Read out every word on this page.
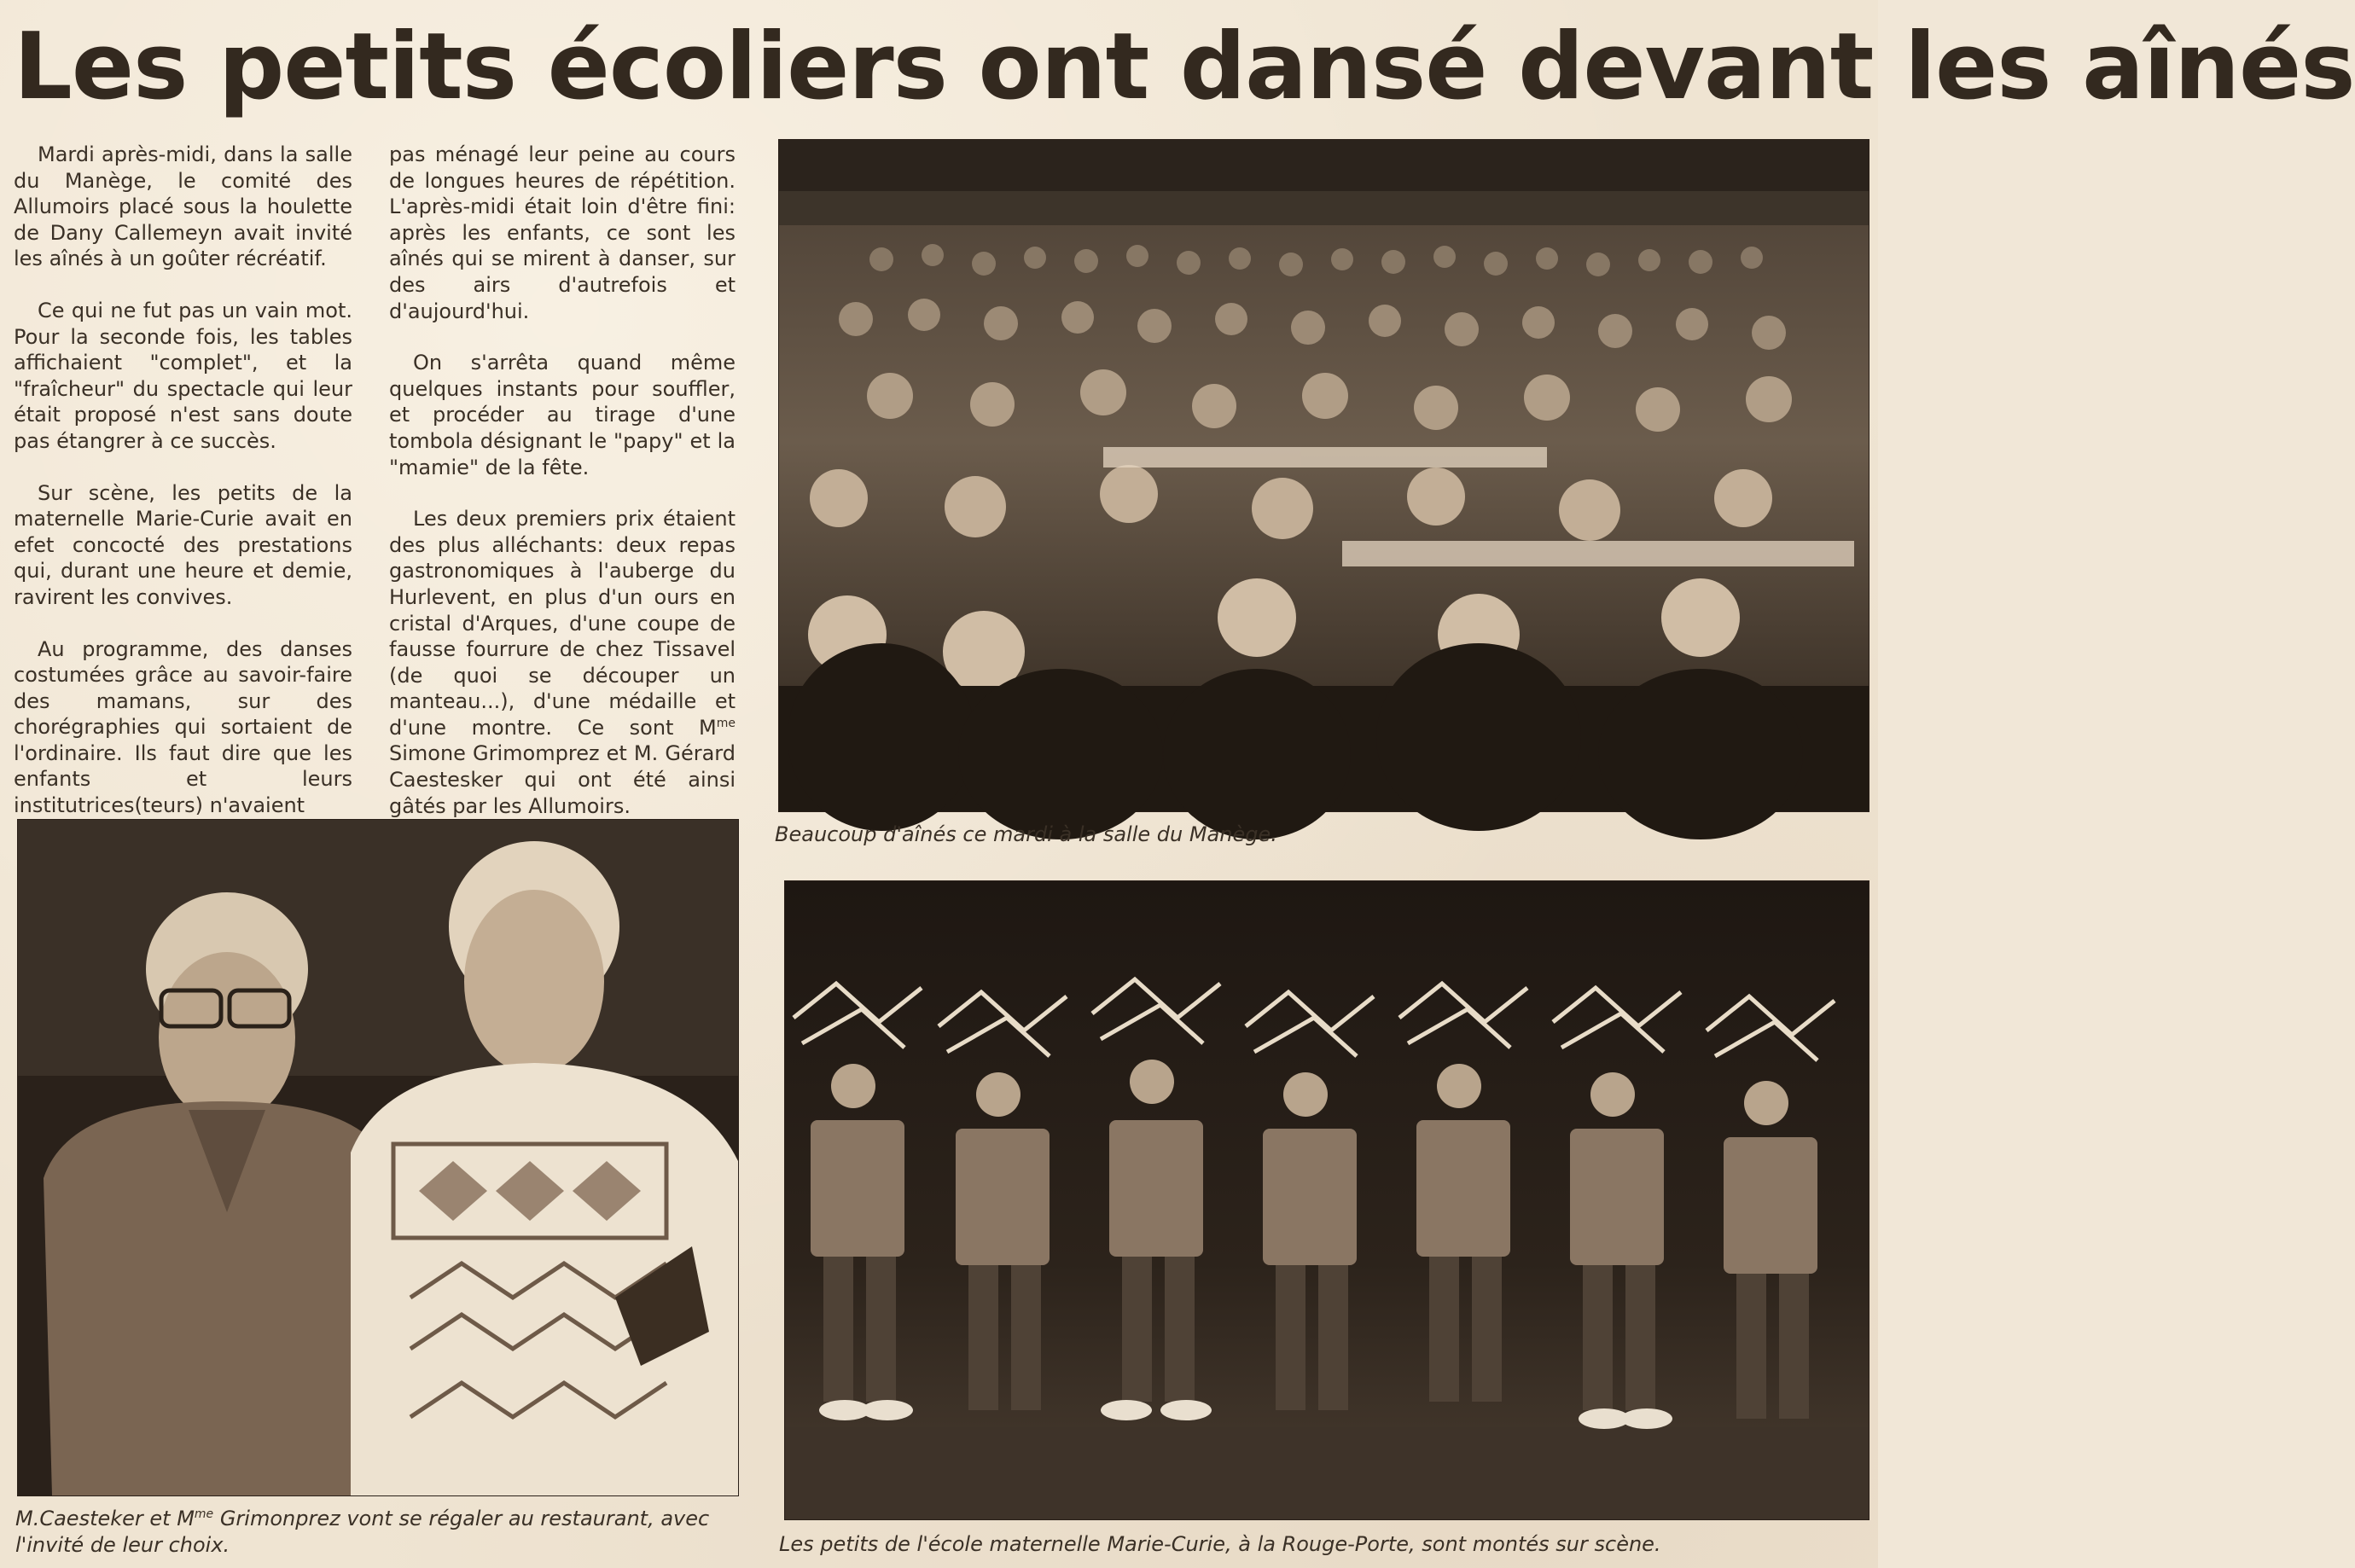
Les petits écoliers ont dansé devant les aînés

Mardi après-midi, dans la salle du Manège, le comité des Allumoirs placé sous la houlette de Dany Callemeyn avait invité les aînés à un goûter récréatif.

Ce qui ne fut pas un vain mot. Pour la seconde fois, les tables affichaient "complet", et la "fraîcheur" du spectacle qui leur était proposé n'est sans doute pas étangrer à ce succès.

Sur scène, les petits de la maternelle Marie-Curie avait en efet concocté des prestations qui, durant une heure et demie, ravirent les convives.

Au programme, des danses costumées grâce au savoir-faire des mamans, sur des chorégraphies qui sortaient de l'ordinaire. Ils faut dire que les enfants et leurs institutrices(teurs) n'avaient

pas ménagé leur peine au cours de longues heures de répétition. L'après-midi était loin d'être fini: après les enfants, ce sont les aînés qui se mirent à danser, sur des airs d'autrefois et d'aujourd'hui.

On s'arrêta quand même quelques instants pour souffler, et procéder au tirage d'une tombola désignant le "papy" et la "mamie" de la fête.

Les deux premiers prix étaient des plus alléchants: deux repas gastronomiques à l'auberge du Hurlevent, en plus d'un ours en cristal d'Arques, d'une coupe de fausse fourrure de chez Tissavel (de quoi se découper un manteau...), d'une médaille et d'une montre. Ce sont $M^{me}$ Simone Grimomprez et M. Gérard Caestesker qui ont été ainsi gâtés par les Allumoirs.

Beaucoup d'aînés ce mardi à la salle du Manège.
M.Caesteker et $M^{me}$ Grimonprez vont se régaler au restaurant, avec l'invité de leur choix.	Les petits de l'école maternelle Marie-Curie, à la Rouge-Porte, sont montés sur scène.
